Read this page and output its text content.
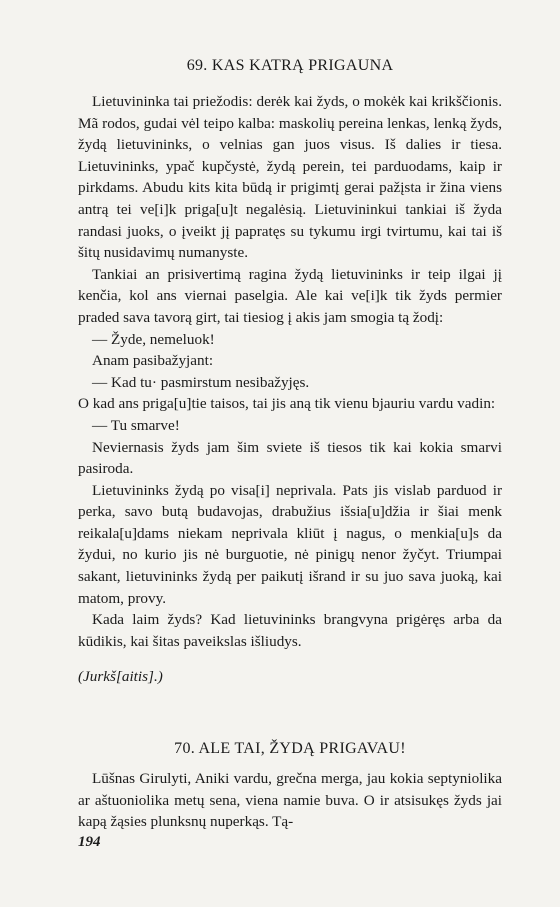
69. KAS KATRĄ PRIGAUNA

Lietuvininka tai priežodis: derėk kai žyds, o mokėk kai krikščionis. Mã rodos, gudai vėl teipo kalba: maskolių pereina lenkas, lenką žyds, žydą lietuvininks, o velnias gan juos visus. Iš dalies ir tiesa. Lietuvininks, ypač kupčystė, žydą perein, tei parduodams, kaip ir pirkdams. Abudu kits kita būdą ir prigimtį gerai pažįsta ir žina viens antrą tei ve[i]k priga[u]t negalėsią. Lietuvininkui tankiai iš žyda randasi juoks, o įveikt jį papratęs su tykumu irgi tvirtumu, kai tai iš šitų nusidavimų numanyste.

Tankiai an prisivertimą ragina žydą lietuvininks ir teip ilgai jį kenčia, kol ans viernai paselgia. Ale kai ve[i]k tik žyds permier praded sava tavorą girt, tai tiesiog į akis jam smogia tą žodį:

— Žyde, nemeluok!

Anam pasibažyjant:

— Kad tu· pasmirstum nesibažyjęs.

O kad ans priga[u]tie taisos, tai jis aną tik vienu bjauriu vardu vadin:

— Tu smarve!

Neviernasis žyds jam šim sviete iš tiesos tik kai kokia smarvi pasiroda.

Lietuvininks žydą po visa[i] neprivala. Pats jis vislab parduod ir perka, savo butą budavojas, drabužius išsia[u]džia ir šiai menk reikala[u]dams niekam neprivala kliūt į nagus, o menkia[u]s da žydui, no kurio jis nė burguotie, nė pinigų nenor žyčyt. Triumpai sakant, lietuvininks žydą per paikutį išrand ir su juo sava juoką, kai matom, provy.

Kada laim žyds? Kad lietuvininks brangvyna prigėręs arba da kūdikis, kai šitas paveikslas išliudys.

(Jurkš[aitis].)

70. ALE TAI, ŽYDĄ PRIGAVAU!

Lūšnas Girulyti, Aniki vardu, grečna merga, jau kokia septyniolika ar aštuoniolika metų sena, viena namie buva. O ir atsisukęs žyds jai kapą žąsies plunksnų nuperkąs. Tą-

194
